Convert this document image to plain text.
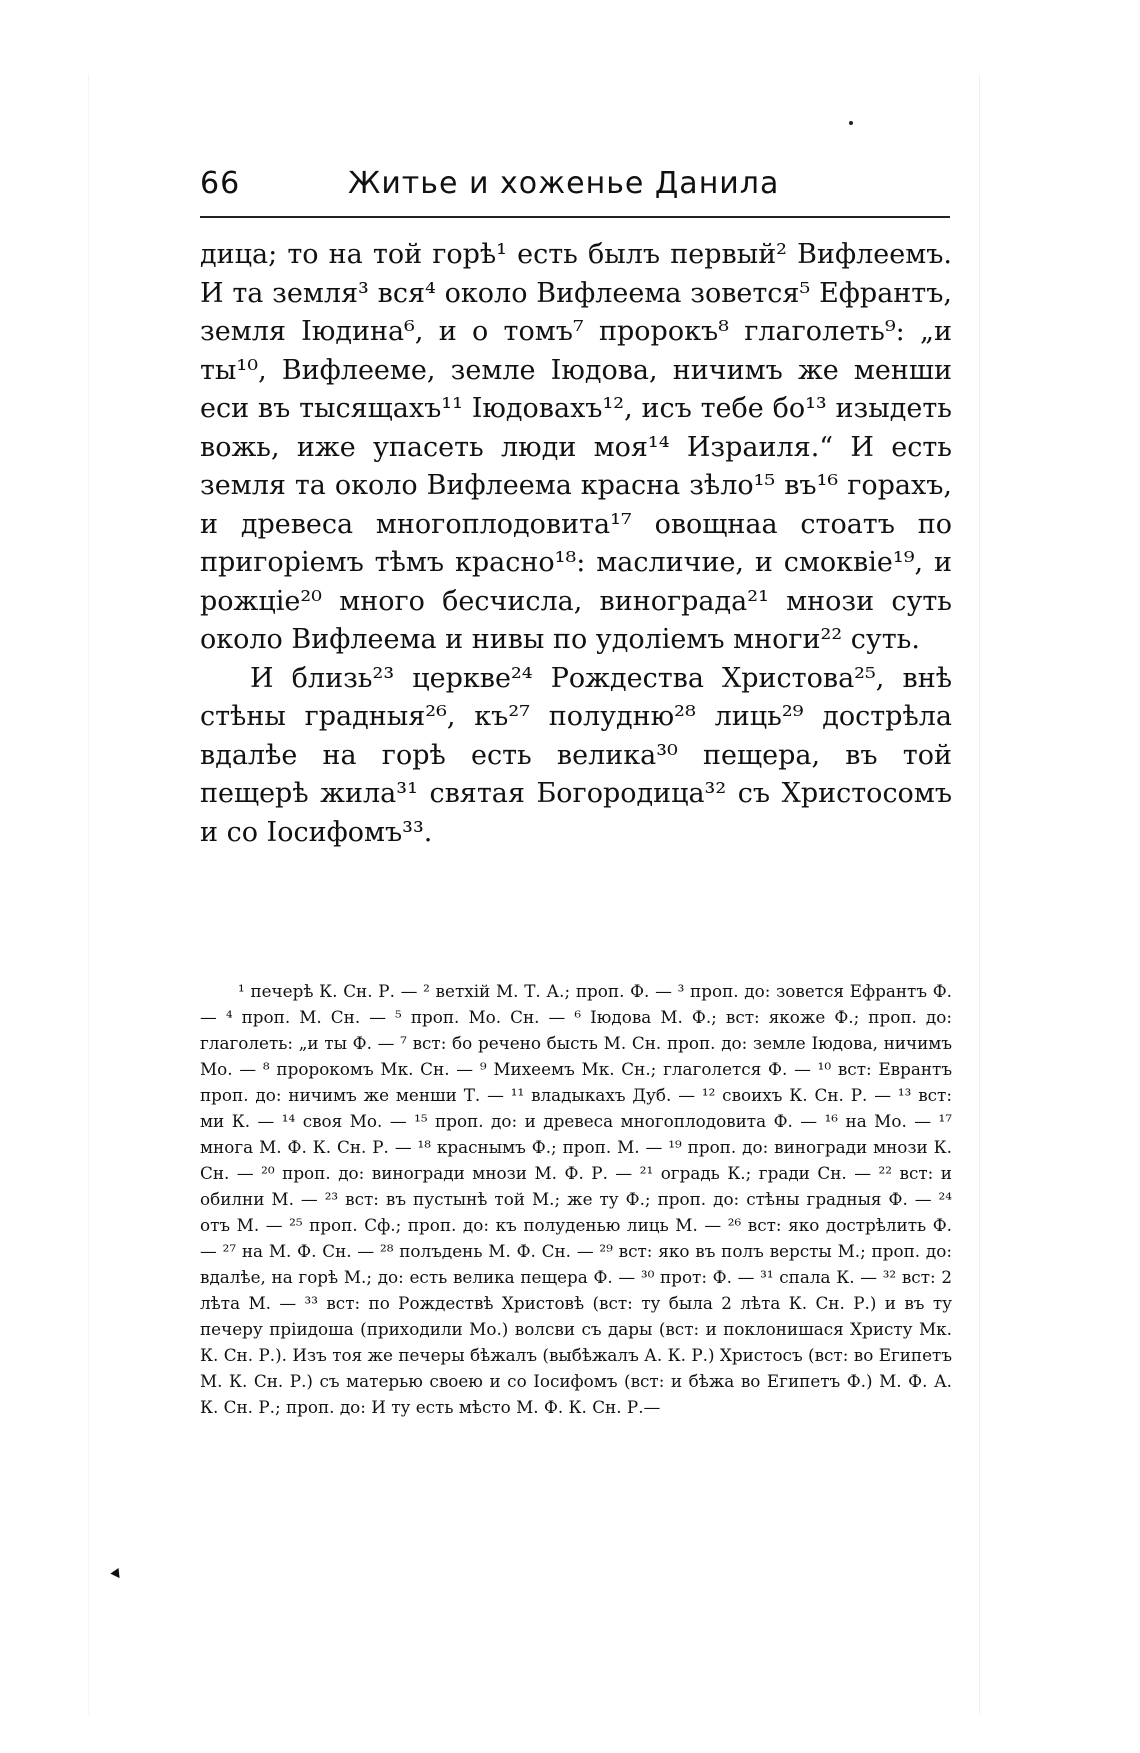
66	Житье и хоженье Данила

дица; то на той горѣ¹ есть былъ первый² Вифлеемъ. И та земля³ вся⁴ около Вифлеема зовется⁵ Ефрантъ, земля Іюдина⁶, и о томъ⁷ пророкъ⁸ глаголеть⁹: „и ты¹⁰, Вифлееме, земле Іюдова, ничимъ же менши еси въ тысящахъ¹¹ Іюдовахъ¹², исъ тебе бо¹³ изыдеть вожь, иже упасеть люди моя¹⁴ Израиля.“ И есть земля та около Вифлеема красна зѣло¹⁵ въ¹⁶ горахъ, и древеса многоплодовита¹⁷ овощнаа стоатъ по пригоріемъ тѣмъ красно¹⁸: масличие, и смоквіе¹⁹, и рожціе²⁰ много бесчисла, винограда²¹ мнози суть около Вифлеема и нивы по удоліемъ многи²² суть.

И близь²³ церкве²⁴ Рождества Христова²⁵, внѣ стѣны градныя²⁶, къ²⁷ полудню²⁸ лиць²⁹ дострѣла вдалѣе на горѣ есть велика³⁰ пещера, въ той пещерѣ жила³¹ святая Богородица³² съ Христосомъ и со Іосифомъ³³.

¹ печерѣ К. Сн. Р. — ² ветхій М. Т. А.; проп. Ф. — ³ проп. до: зовется Ефрантъ Ф. — ⁴ проп. М. Сн. — ⁵ проп. Мо. Сн. — ⁶ Іюдова М. Ф.; вст: якоже Ф.; проп. до: глаголеть: „и ты Ф. — ⁷ вст: бо речено бысть М. Сн. проп. до: земле Іюдова, ничимъ Мо. — ⁸ пророкомъ Мк. Сн. — ⁹ Михеемъ Мк. Сн.; глаголется Ф. — ¹⁰ вст: Еврантъ проп. до: ничимъ же менши Т. — ¹¹ владыкахъ Дуб. — ¹² своихъ К. Сн. Р. — ¹³ вст: ми К. — ¹⁴ своя Мо. — ¹⁵ проп. до: и древеса многоплодовита Ф. — ¹⁶ на Мо. — ¹⁷ многа М. Ф. К. Сн. Р. — ¹⁸ краснымъ Ф.; проп. М. — ¹⁹ проп. до: виногради мнози К. Сн. — ²⁰ проп. до: виногради мнози М. Ф. Р. — ²¹ оградь К.; гради Сн. — ²² вст: и обилни М. — ²³ вст: въ пустынѣ той М.; же ту Ф.; проп. до: стѣны градныя Ф. — ²⁴ отъ М. — ²⁵ проп. Сф.; проп. до: къ полуденью лиць М. — ²⁶ вст: яко дострѣлить Ф. — ²⁷ на М. Ф. Сн. — ²⁸ полъдень М. Ф. Сн. — ²⁹ вст: яко въ полъ версты М.; проп. до: вдалѣе, на горѣ М.; до: есть велика пещера Ф. — ³⁰ прот: Ф. — ³¹ спала К. — ³² вст: 2 лѣта М. — ³³ вст: по Рождествѣ Христовѣ (вст: ту была 2 лѣта К. Сн. Р.) и въ ту печеру пріидоша (приходили Мо.) волсви съ дары (вст: и поклонишася Христу Мк. К. Сн. Р.). Изъ тоя же печеры бѣжалъ (выбѣжалъ А. К. Р.) Христосъ (вст: во Египетъ М. К. Сн. Р.) съ матерью своею и со Іосифомъ (вст: и бѣжа во Египетъ Ф.) М. Ф. А. К. Сн. Р.; проп. до: И ту есть мѣсто М. Ф. К. Сн. Р.—
